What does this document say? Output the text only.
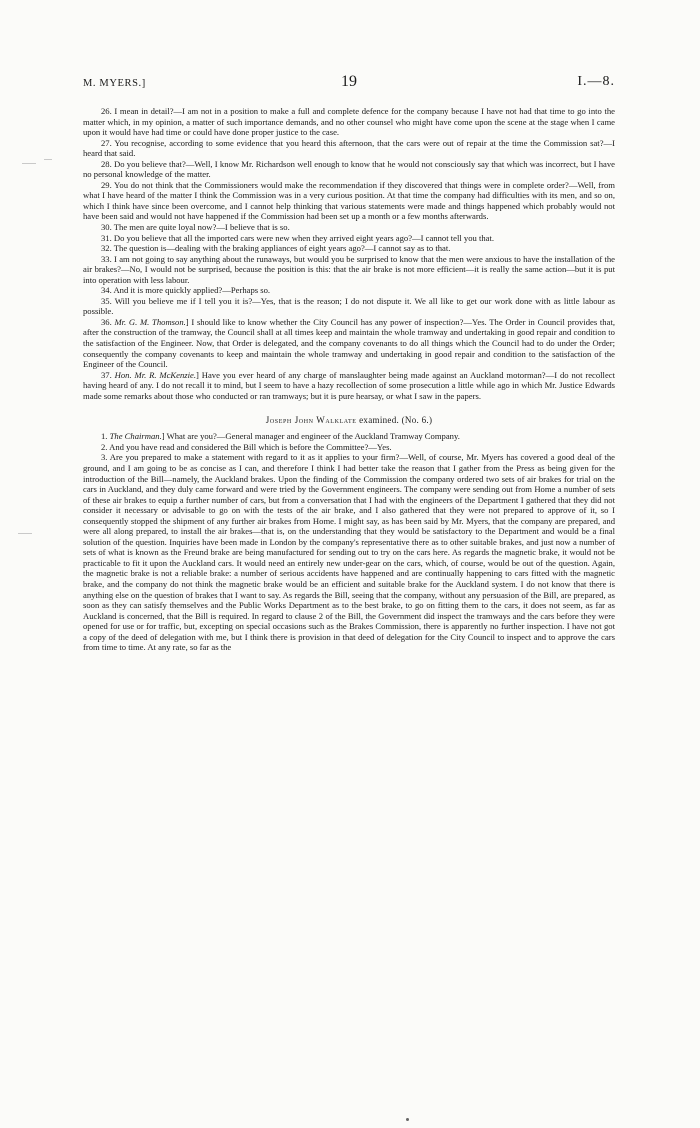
M. MYERS.]	19	I.—8.

26. I mean in detail?—I am not in a position to make a full and complete defence for the company because I have not had that time to go into the matter which, in my opinion, a matter of such importance demands, and no other counsel who might have come upon the scene at the stage when I came upon it would have had time or could have done proper justice to the case.

27. You recognise, according to some evidence that you heard this afternoon, that the cars were out of repair at the time the Commission sat?—I heard that said.

28. Do you believe that?—Well, I know Mr. Richardson well enough to know that he would not consciously say that which was incorrect, but I have no personal knowledge of the matter.

29. You do not think that the Commissioners would make the recommendation if they discovered that things were in complete order?—Well, from what I have heard of the matter I think the Commission was in a very curious position. At that time the company had difficulties with its men, and so on, which I think have since been overcome, and I cannot help thinking that various statements were made and things happened which probably would not have been said and would not have happened if the Commission had been set up a month or a few months afterwards.

30. The men are quite loyal now?—I believe that is so.

31. Do you believe that all the imported cars were new when they arrived eight years ago?—I cannot tell you that.

32. The question is—dealing with the braking appliances of eight years ago?—I cannot say as to that.

33. I am not going to say anything about the runaways, but would you be surprised to know that the men were anxious to have the installation of the air brakes?—No, I would not be surprised, because the position is this: that the air brake is not more efficient—it is really the same action—but it is put into operation with less labour.

34. And it is more quickly applied?—Perhaps so.

35. Will you believe me if I tell you it is?—Yes, that is the reason; I do not dispute it. We all like to get our work done with as little labour as possible.

36. Mr. G. M. Thomson.] I should like to know whether the City Council has any power of inspection?—Yes. The Order in Council provides that, after the construction of the tramway, the Council shall at all times keep and maintain the whole tramway and undertaking in good repair and condition to the satisfaction of the Engineer. Now, that Order is delegated, and the company covenants to do all things which the Council had to do under the Order; consequently the company covenants to keep and maintain the whole tramway and undertaking in good repair and condition to the satisfaction of the Engineer of the Council.

37. Hon. Mr. R. McKenzie.] Have you ever heard of any charge of manslaughter being made against an Auckland motorman?—I do not recollect having heard of any. I do not recall it to mind, but I seem to have a hazy recollection of some prosecution a little while ago in which Mr. Justice Edwards made some remarks about those who conducted or ran tramways; but it is pure hearsay, or what I saw in the papers.

Joseph John Walklate examined. (No. 6.)

1. The Chairman.] What are you?—General manager and engineer of the Auckland Tramway Company.

2. And you have read and considered the Bill which is before the Committee?—Yes.

3. Are you prepared to make a statement with regard to it as it applies to your firm?—Well, of course, Mr. Myers has covered a good deal of the ground, and I am going to be as concise as I can, and therefore I think I had better take the reason that I gather from the Press as being given for the introduction of the Bill—namely, the Auckland brakes. Upon the finding of the Commission the company ordered two sets of air brakes for trial on the cars in Auckland, and they duly came forward and were tried by the Government engineers. The company were sending out from Home a number of sets of these air brakes to equip a further number of cars, but from a conversation that I had with the engineers of the Department I gathered that they did not consider it necessary or advisable to go on with the tests of the air brake, and I also gathered that they were not prepared to approve of it, so I consequently stopped the shipment of any further air brakes from Home. I might say, as has been said by Mr. Myers, that the company are prepared, and were all along prepared, to install the air brakes—that is, on the understanding that they would be satisfactory to the Department and would be a final solution of the question. Inquiries have been made in London by the company's representative there as to other suitable brakes, and just now a number of sets of what is known as the Freund brake are being manufactured for sending out to try on the cars here. As regards the magnetic brake, it would not be practicable to fit it upon the Auckland cars. It would need an entirely new under-gear on the cars, which, of course, would be out of the question. Again, the magnetic brake is not a reliable brake: a number of serious accidents have happened and are continually happening to cars fitted with the magnetic brake, and the company do not think the magnetic brake would be an efficient and suitable brake for the Auckland system. I do not know that there is anything else on the question of brakes that I want to say. As regards the Bill, seeing that the company, without any persuasion of the Bill, are prepared, as soon as they can satisfy themselves and the Public Works Department as to the best brake, to go on fitting them to the cars, it does not seem, as far as Auckland is concerned, that the Bill is required. In regard to clause 2 of the Bill, the Government did inspect the tramways and the cars before they were opened for use or for traffic, but, excepting on special occasions such as the Brakes Commission, there is apparently no further inspection. I have not got a copy of the deed of delegation with me, but I think there is provision in that deed of delegation for the City Council to inspect and to approve the cars from time to time. At any rate, so far as the
